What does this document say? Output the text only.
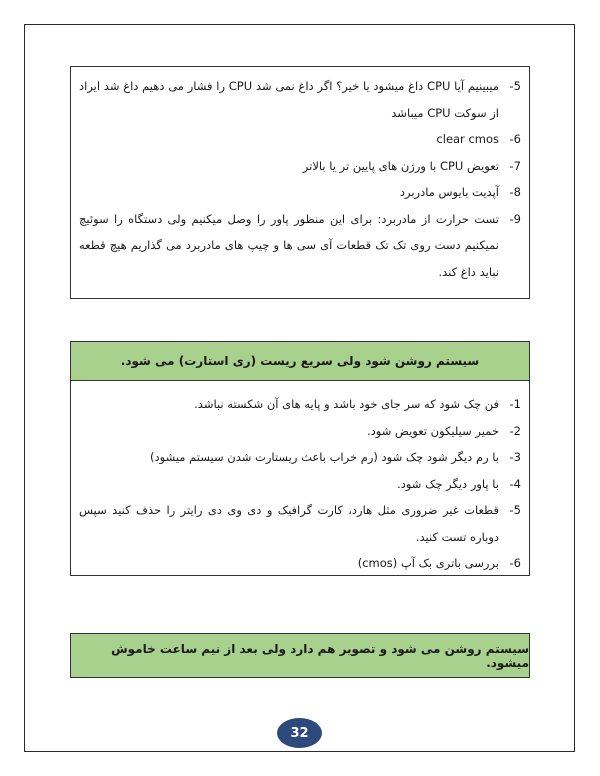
-5
میبینیم آیا CPU داغ میشود یا خیر؟ اگر داغ نمی شد CPU را فشار می دهیم داغ شد ایراد از سوکت CPU میباشد
-6
clear cmos
-7
تعویض CPU با ورژن های پایین تر یا بالاتر
-8
آپدیت بایوس مادربرد
-9
تست حرارت از مادربرد: برای این منظور پاور را وصل میکنیم ولی دستگاه را سوئیچ نمیکنیم دست روی تک تک قطعات آی سی ها و چیپ های مادربرد می گذاریم هیچ قطعه نباید داغ کند.
سیستم روشن شود ولی سریع ریست (ری استارت) می شود.
-1
فن چک شود که سر جای خود باشد و پایه های آن شکسته نباشد.
-2
خمیر سیلیکون تعویض شود.
-3
با رم دیگر شود چک شود (رم خراب باعث ریستارت شدن سیستم میشود)
-4
با پاور دیگر چک شود.
-5
قطعات غیر ضروری مثل هارد، کارت گرافیک و دی وی دی رایتر را حذف کنید سپس دوباره تست کنید.
-6
بررسی باتری بک آپ (cmos)
سیستم روشن می شود و تصویر هم دارد ولی بعد از نیم ساعت خاموش میشود.
32
